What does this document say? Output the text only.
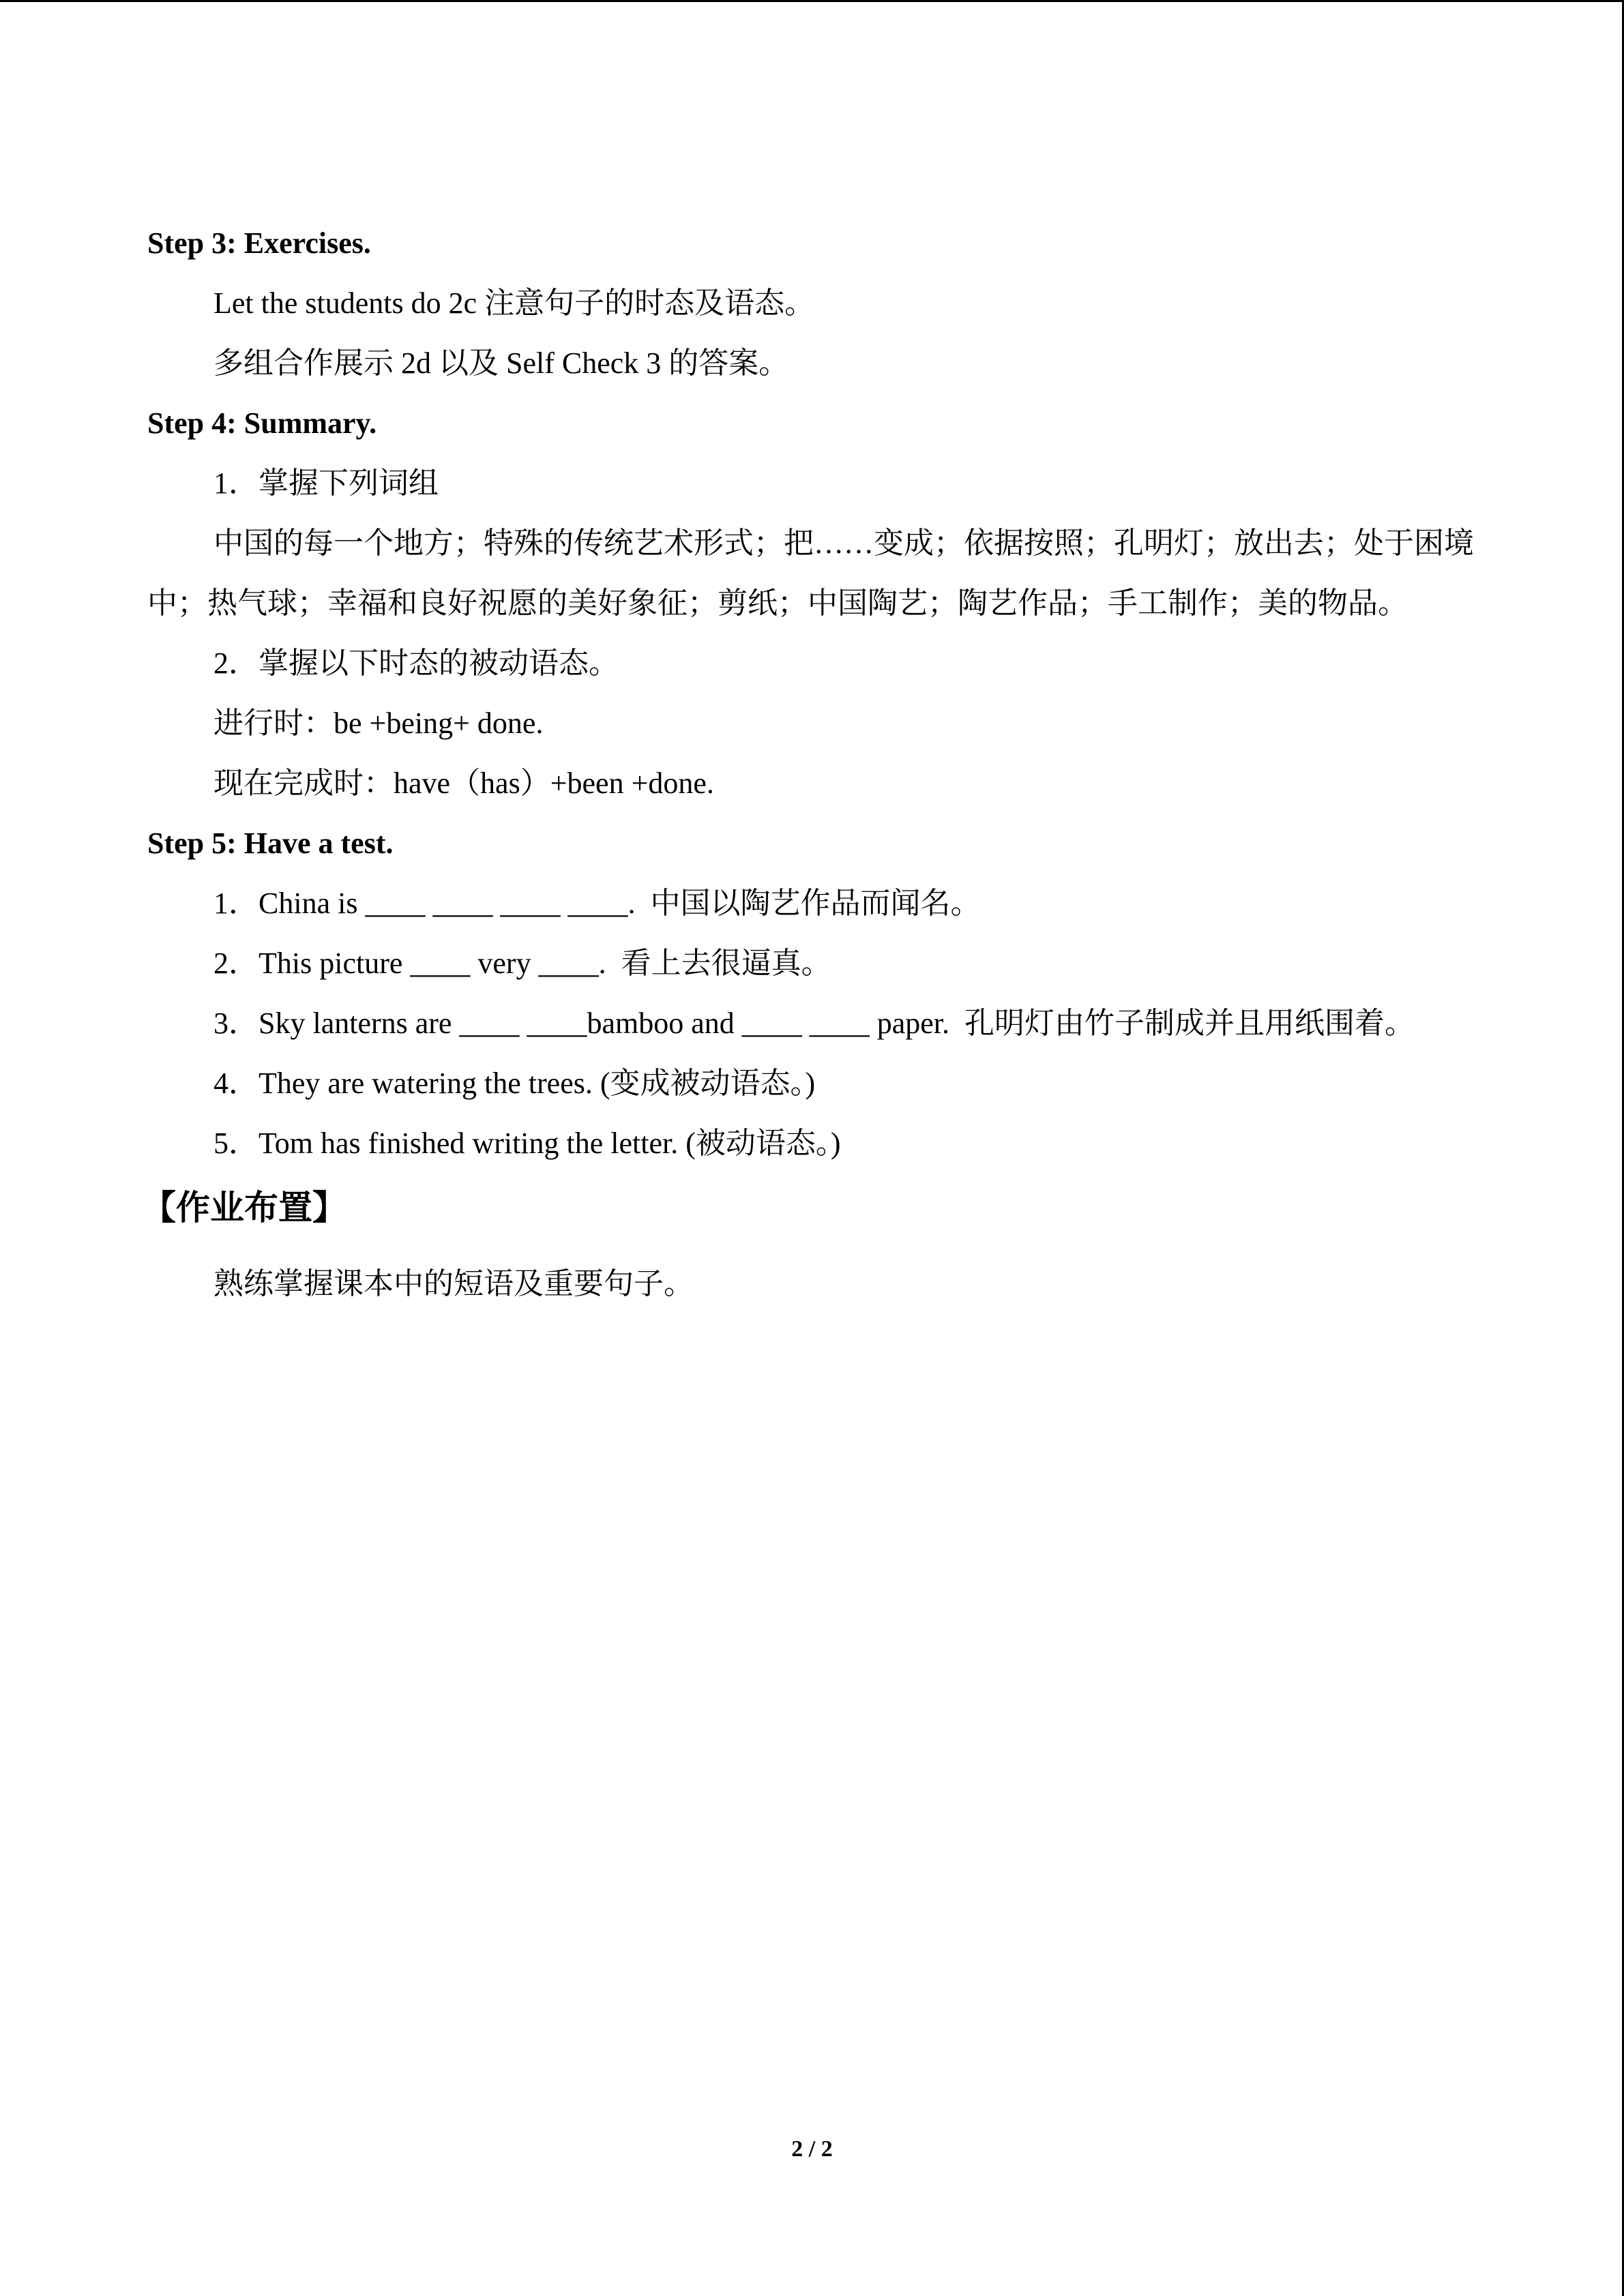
Step 3: Exercises.

Let the students do 2c 注意句子的时态及语态。

多组合作展示 2d 以及 Self Check 3 的答案。

Step 4: Summary.

1．掌握下列词组

中国的每一个地方；特殊的传统艺术形式；把……变成；依据按照；孔明灯；放出去；处于困境中；热气球；幸福和良好祝愿的美好象征；剪纸；中国陶艺；陶艺作品；手工制作；美的物品。

2．掌握以下时态的被动语态。

进行时：be +being+ done.

现在完成时：have（has）+been +done.

Step 5: Have a test.

1．China is ____ ____ ____ ____.  中国以陶艺作品而闻名。

2．This picture ____ very ____.  看上去很逼真。

3．Sky lanterns are ____ ____bamboo and ____ ____ paper.  孔明灯由竹子制成并且用纸围着。

4．They are watering the trees. (变成被动语态。)

5．Tom has finished writing the letter. (被动语态。)

【作业布置】

熟练掌握课本中的短语及重要句子。

2 / 2
